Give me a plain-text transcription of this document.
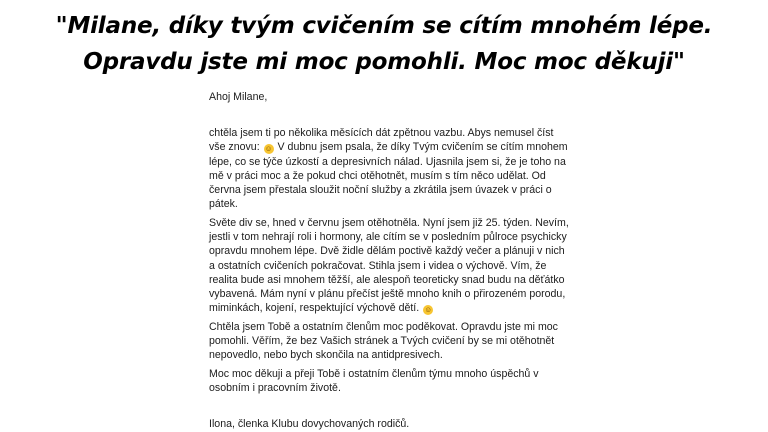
"Milane, díky tvým cvičením se cítím mnohém lépe.
Opravdu jste mi moc pomohli. Moc moc děkuji"

Ahoj Milane,

chtěla jsem ti po několika měsících dát zpětnou vazbu. Abys nemusel číst vše znovu: ☺ V dubnu jsem psala, že díky Tvým cvičením se cítím mnohem lépe, co se týče úzkostí a depresivních nálad. Ujasnila jsem si, že je toho na mě v práci moc a že pokud chci otěhotnět, musím s tím něco udělat. Od června jsem přestala sloužit noční služby a zkrátila jsem úvazek v práci o pátek.

Světe div se, hned v červnu jsem otěhotněla. Nyní jsem již 25. týden. Nevím, jestli v tom nehrají roli i hormony, ale cítím se v posledním půlroce psychicky opravdu mnohem lépe. Dvě židle dělám poctivě každý večer a plánuji v nich a ostatních cvičeních pokračovat. Stihla jsem i videa o výchově. Vím, že realita bude asi mnohem těžší, ale alespoň teoreticky snad budu na děťátko vybavená. Mám nyní v plánu přečíst ještě mnoho knih o přirozeném porodu, miminkách, kojení, respektující výchově dětí. ☺

Chtěla jsem Tobě a ostatním členům moc poděkovat. Opravdu jste mi moc pomohli. Věřím, že bez Vašich stránek a Tvých cvičení by se mi otěhotnět nepovedlo, nebo bych skončila na antidpresivech.

Moc moc děkuji a přeji Tobě i ostatním členům týmu mnoho úspěchů v osobním i pracovním životě.

Ilona, členka Klubu dovychovaných rodičů.
